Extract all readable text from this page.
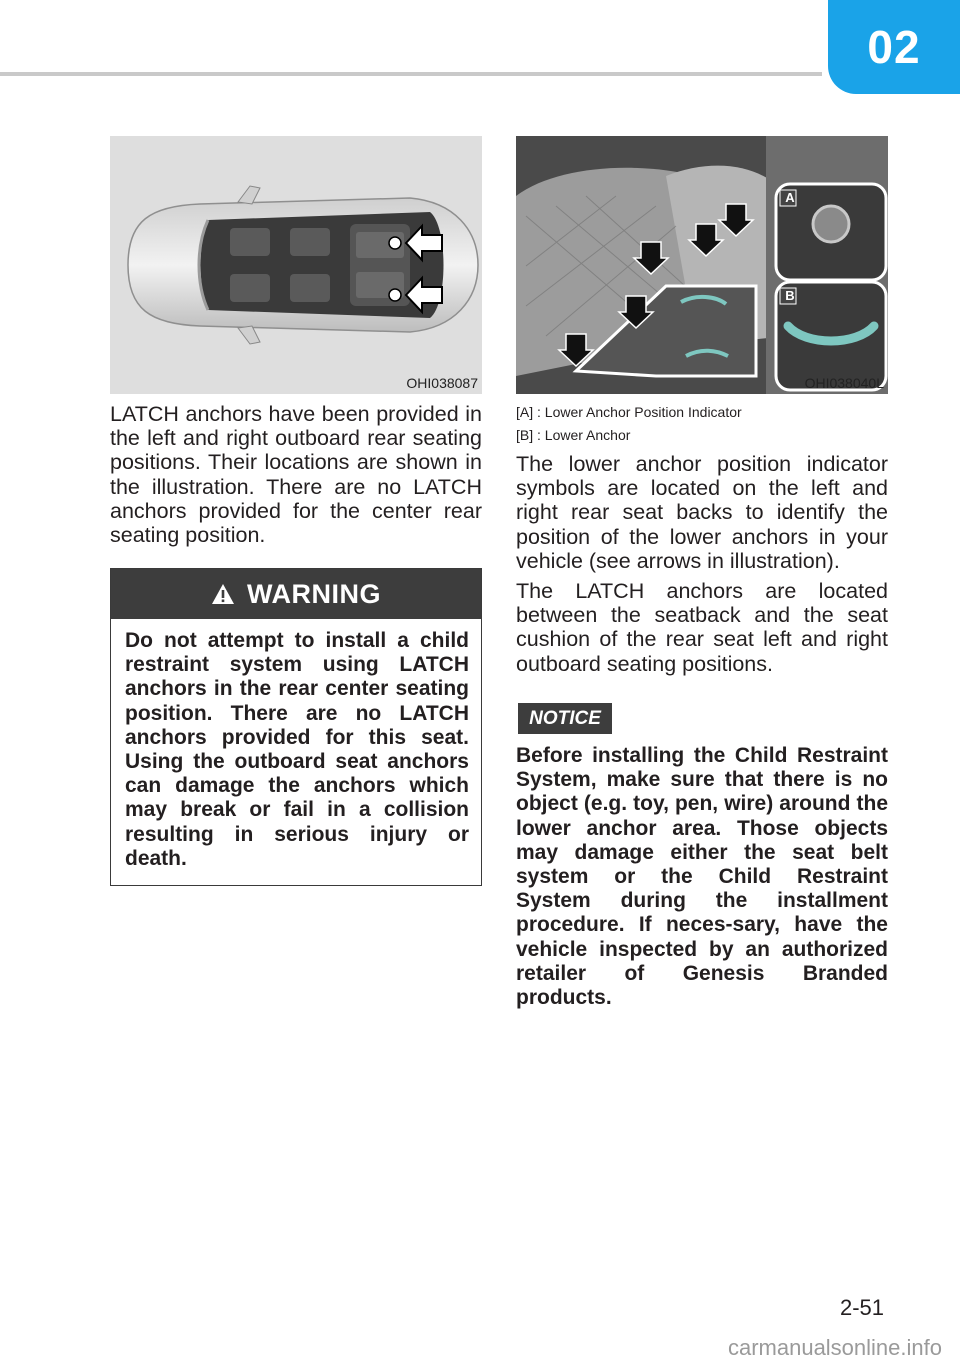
02
OHI038087
A
B
OHI038040L
LATCH anchors have been provided in the left and right outboard rear seating positions. Their locations are shown in the illustration. There are no LATCH anchors provided for the center rear seating position.
WARNING
Do not attempt to install a child restraint system using LATCH anchors in the rear center seating position. There are no LATCH anchors provided for this seat. Using the outboard seat anchors can damage the anchors which may break or fail in a collision resulting in serious injury or death.
[A] : Lower Anchor Position Indicator
[B] : Lower Anchor
The lower anchor position indicator symbols are located on the left and right rear seat backs to identify the position of the lower anchors in your vehicle (see arrows in illustration).
The LATCH anchors are located between the seatback and the seat cushion of the rear seat left and right outboard seating positions.
NOTICE
Before installing the Child Restraint System, make sure that there is no object (e.g. toy, pen, wire) around the lower anchor area. Those objects may damage either the seat belt system or the Child Restraint System during the installment procedure. If neces-sary, have the vehicle inspected by an authorized retailer of Genesis Branded products.
2-51
carmanualsonline.info
